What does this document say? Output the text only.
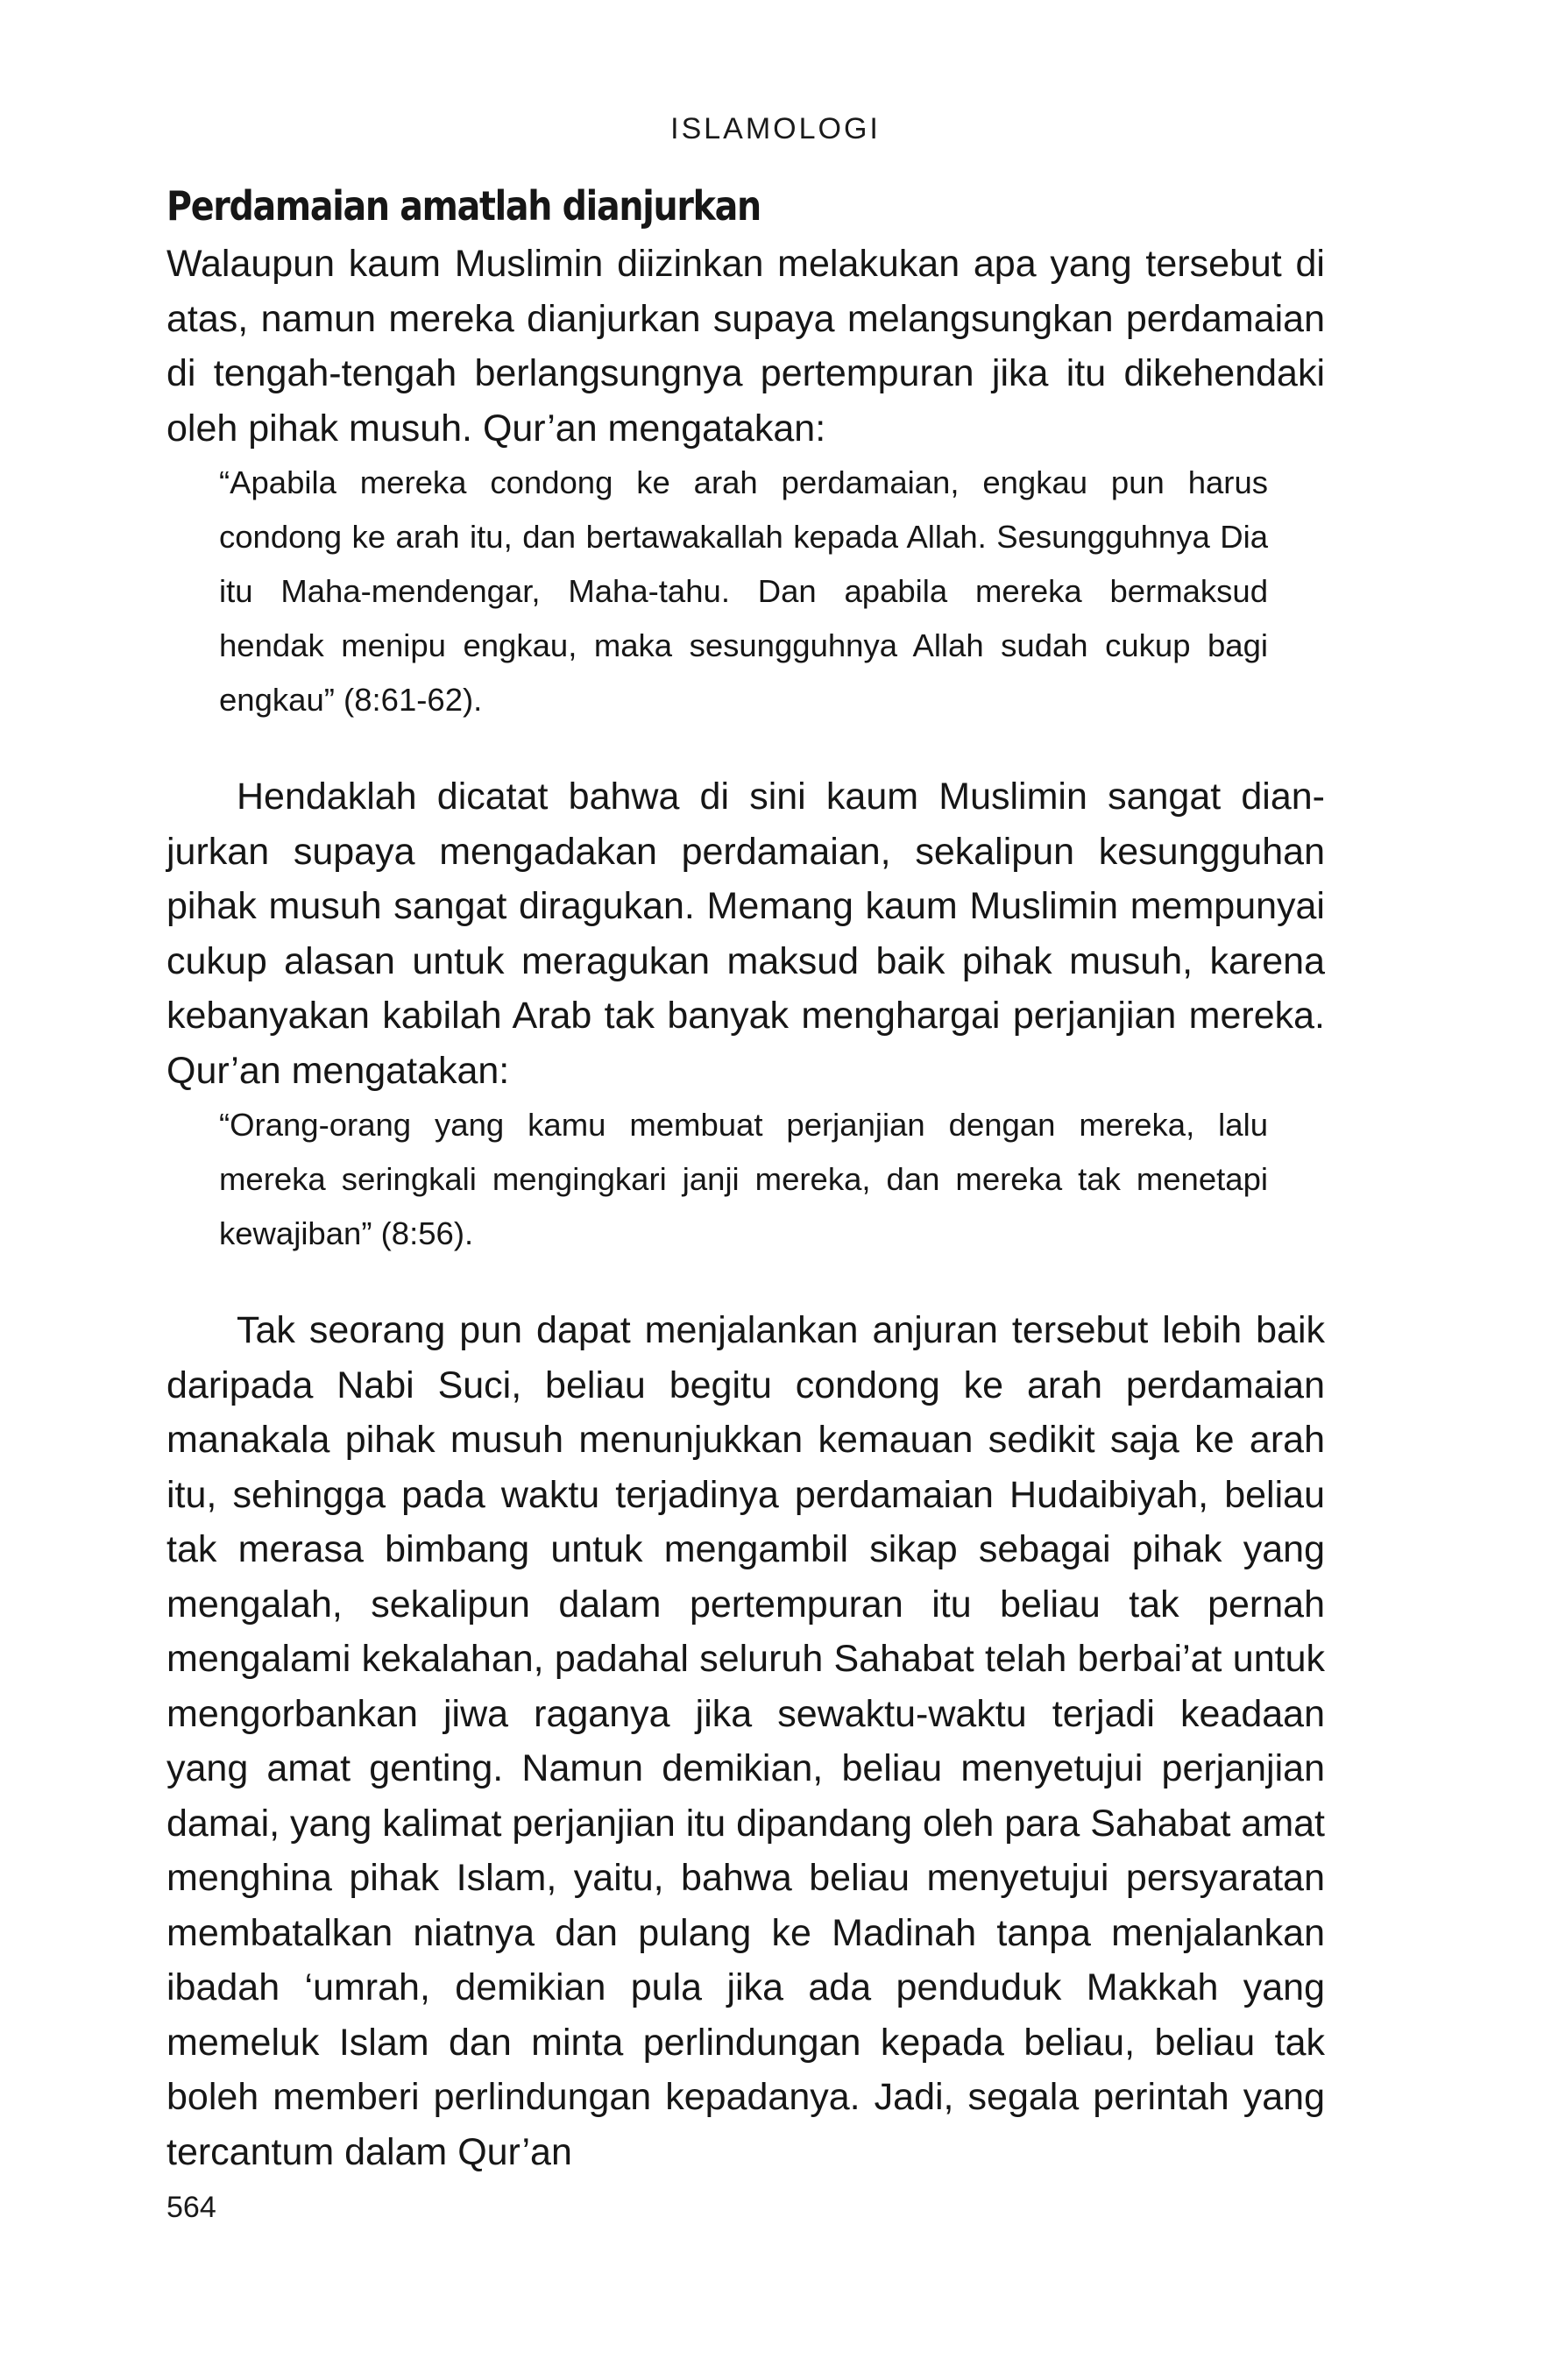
ISLAMOLOGI
Perdamaian amatlah dianjurkan

Walaupun kaum Muslimin diizinkan melakukan apa yang tersebut di atas, namun mereka dianjurkan supaya melangsungkan perdamaian di tengah-tengah berlangsungnya pertempuran jika itu dikehendaki oleh pihak musuh. Qur’an mengatakan:

“Apabila mereka condong ke arah perdamaian, engkau pun harus condong ke arah itu, dan bertawakallah kepada Allah. Sesungguhnya Dia itu Maha-mendengar, Maha-tahu. Dan apabila mereka bermaksud hendak menipu engkau, maka sesungguhnya Allah sudah cukup bagi engkau” (8:61-62).

Hendaklah dicatat bahwa di sini kaum Muslimin sangat dianjurkan supaya mengadakan perdamaian, sekalipun kesungguhan pihak musuh sangat diragukan. Memang kaum Muslimin mempunyai cukup alasan untuk meragukan maksud baik pihak musuh, karena kebanyakan kabilah Arab tak banyak menghargai perjanjian mereka. Qur’an mengatakan:

“Orang-orang yang kamu membuat perjanjian dengan mereka, lalu mereka seringkali mengingkari janji mereka, dan mereka tak menetapi kewajiban” (8:56).

Tak seorang pun dapat menjalankan anjuran tersebut lebih baik daripada Nabi Suci, beliau begitu condong ke arah perdamaian manakala pihak musuh menunjukkan kemauan sedikit saja ke arah itu, sehingga pada waktu terjadinya perdamaian Hudaibiyah, beliau tak merasa bimbang untuk mengambil sikap sebagai pihak yang mengalah, sekalipun dalam pertempuran itu beliau tak pernah mengalami kekalahan, padahal seluruh Sahabat telah berbai’at untuk mengorbankan jiwa raganya jika sewaktu-waktu terjadi keadaan yang amat genting. Namun demikian, beliau menyetujui perjanjian damai, yang kalimat perjanjian itu dipandang oleh para Sahabat amat menghina pihak Islam, yaitu, bahwa beliau menyetujui persyaratan membatalkan niatnya dan pulang ke Madinah tanpa menjalankan ibadah ‘umrah, demikian pula jika ada penduduk Makkah yang memeluk Islam dan minta perlindungan kepada beliau, beliau tak boleh memberi perlindungan kepadanya. Jadi, segala perintah yang tercantum dalam Qur’an

564
